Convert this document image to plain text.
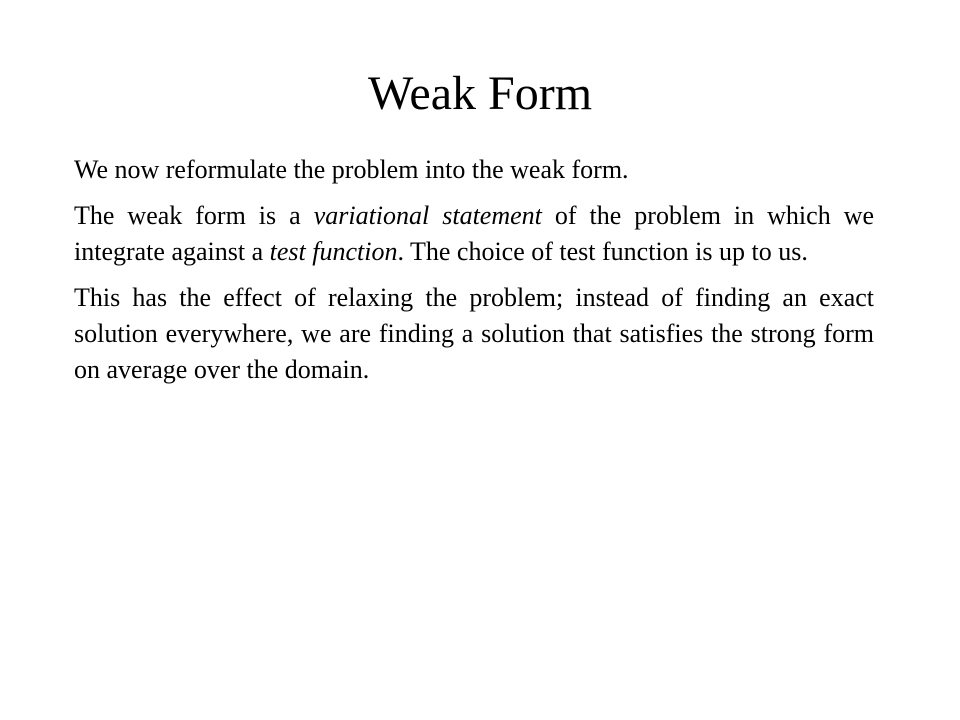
Weak Form

We now reformulate the problem into the weak form.

The weak form is a variational statement of the problem in which we integrate against a test function. The choice of test function is up to us.

This has the effect of relaxing the problem; instead of finding an exact solution everywhere, we are finding a solution that satisfies the strong form on average over the domain.
